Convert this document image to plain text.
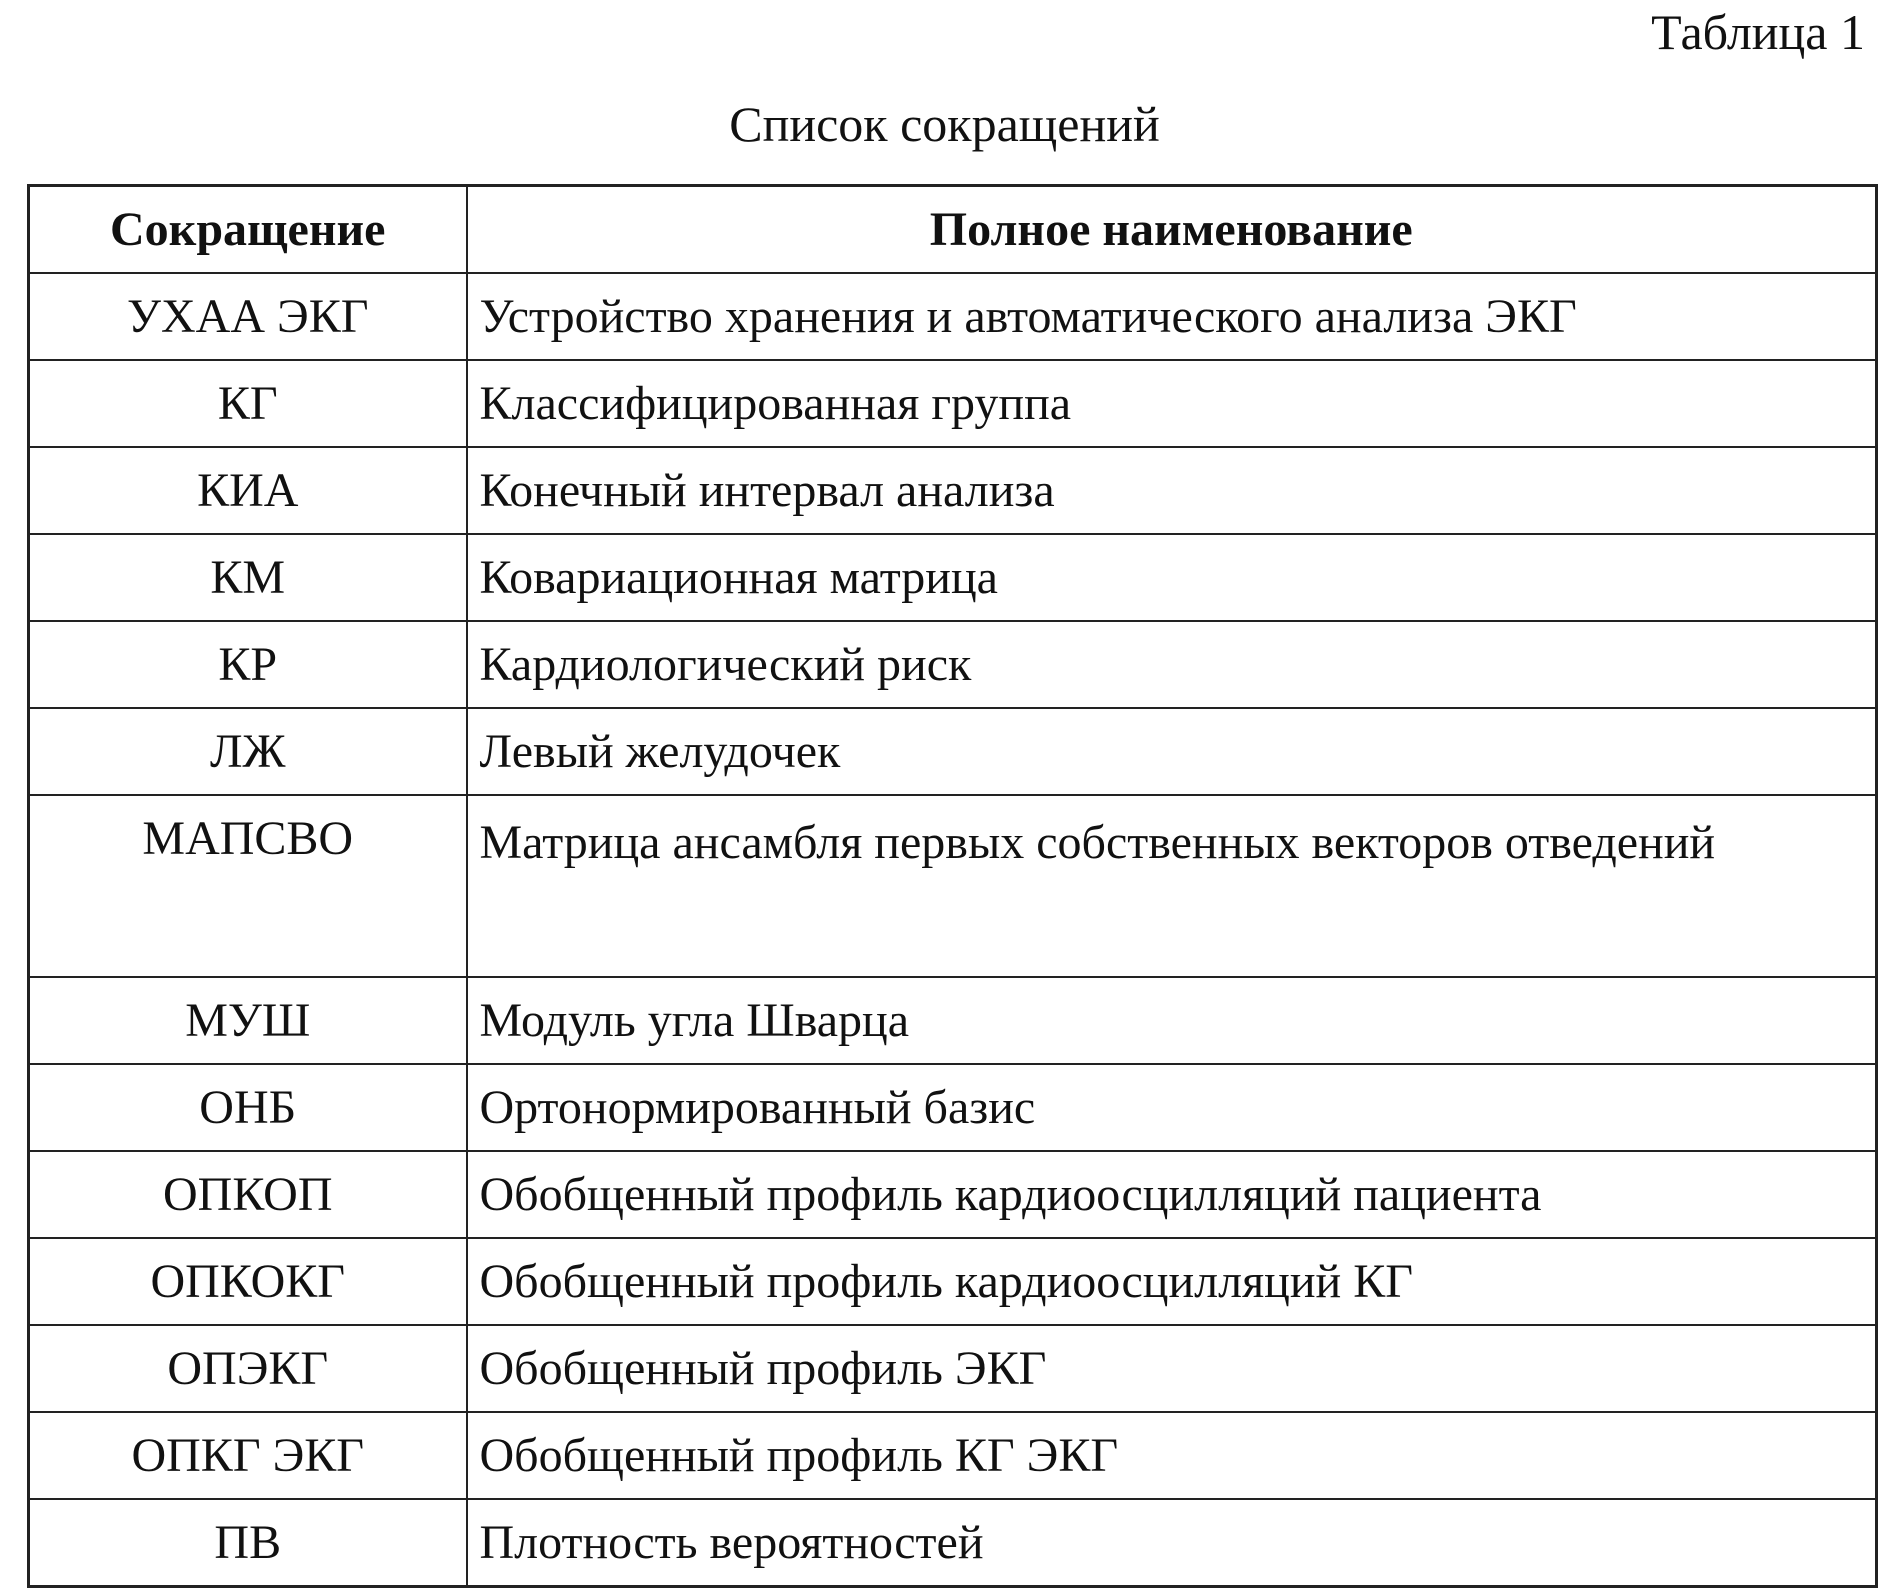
Таблица 1

Список сокращений

Сокращение	Полное наименование
УХАА ЭКГ	Устройство хранения и автоматического анализа ЭКГ
КГ	Классифицированная группа
КИА	Конечный интервал анализа
КМ	Ковариационная матрица
КР	Кардиологический риск
ЛЖ	Левый желудочек
МАПСВО	Матрица ансамбля первых собственных векторов отведений
МУШ	Модуль угла Шварца
ОНБ	Ортонормированный базис
ОПКОП	Обобщенный профиль кардиоосцилляций пациента
ОПКОКГ	Обобщенный профиль кардиоосцилляций КГ
ОПЭКГ	Обобщенный профиль ЭКГ
ОПКГ ЭКГ	Обобщенный профиль КГ ЭКГ
ПВ	Плотность вероятностей
